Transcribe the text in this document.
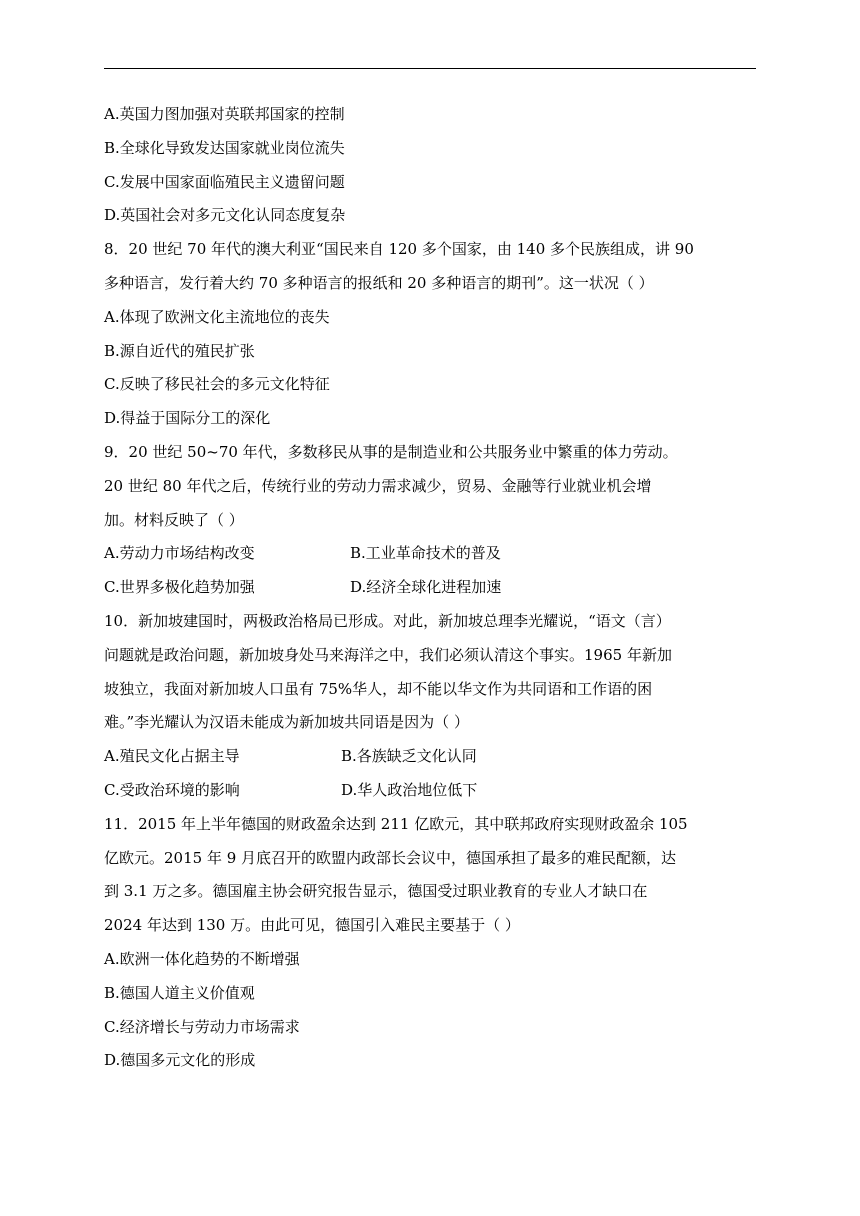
A.英国力图加强对英联邦国家的控制
B.全球化导致发达国家就业岗位流失
C.发展中国家面临殖民主义遗留问题
D.英国社会对多元文化认同态度复杂
8．20 世纪 70 年代的澳大利亚“国民来自 120 多个国家，由 140 多个民族组成，讲 90
多种语言，发行着大约 70 多种语言的报纸和 20 多种语言的期刊”。这一状况（ ）
A.体现了欧洲文化主流地位的丧失
B.源自近代的殖民扩张
C.反映了移民社会的多元文化特征
D.得益于国际分工的深化
9．20 世纪 50~70 年代，多数移民从事的是制造业和公共服务业中繁重的体力劳动。
20 世纪 80 年代之后，传统行业的劳动力需求减少，贸易、金融等行业就业机会增
加。材料反映了（ ）
A.劳动力市场结构改变	B.工业革命技术的普及
C.世界多极化趋势加强	D.经济全球化进程加速
10．新加坡建国时，两极政治格局已形成。对此，新加坡总理李光耀说，“语文（言）
问题就是政治问题，新加坡身处马来海洋之中，我们必须认清这个事实。1965 年新加
坡独立，我面对新加坡人口虽有 75%华人，却不能以华文作为共同语和工作语的困
难。”李光耀认为汉语未能成为新加坡共同语是因为（ ）
A.殖民文化占据主导	B.各族缺乏文化认同
C.受政治环境的影响	D.华人政治地位低下
11．2015 年上半年德国的财政盈余达到 211 亿欧元，其中联邦政府实现财政盈余 105
亿欧元。2015 年 9 月底召开的欧盟内政部长会议中，德国承担了最多的难民配额，达
到 3.1 万之多。德国雇主协会研究报告显示，德国受过职业教育的专业人才缺口在
2024 年达到 130 万。由此可见，德国引入难民主要基于（ ）
A.欧洲一体化趋势的不断增强
B.德国人道主义价值观
C.经济增长与劳动力市场需求
D.德国多元文化的形成
